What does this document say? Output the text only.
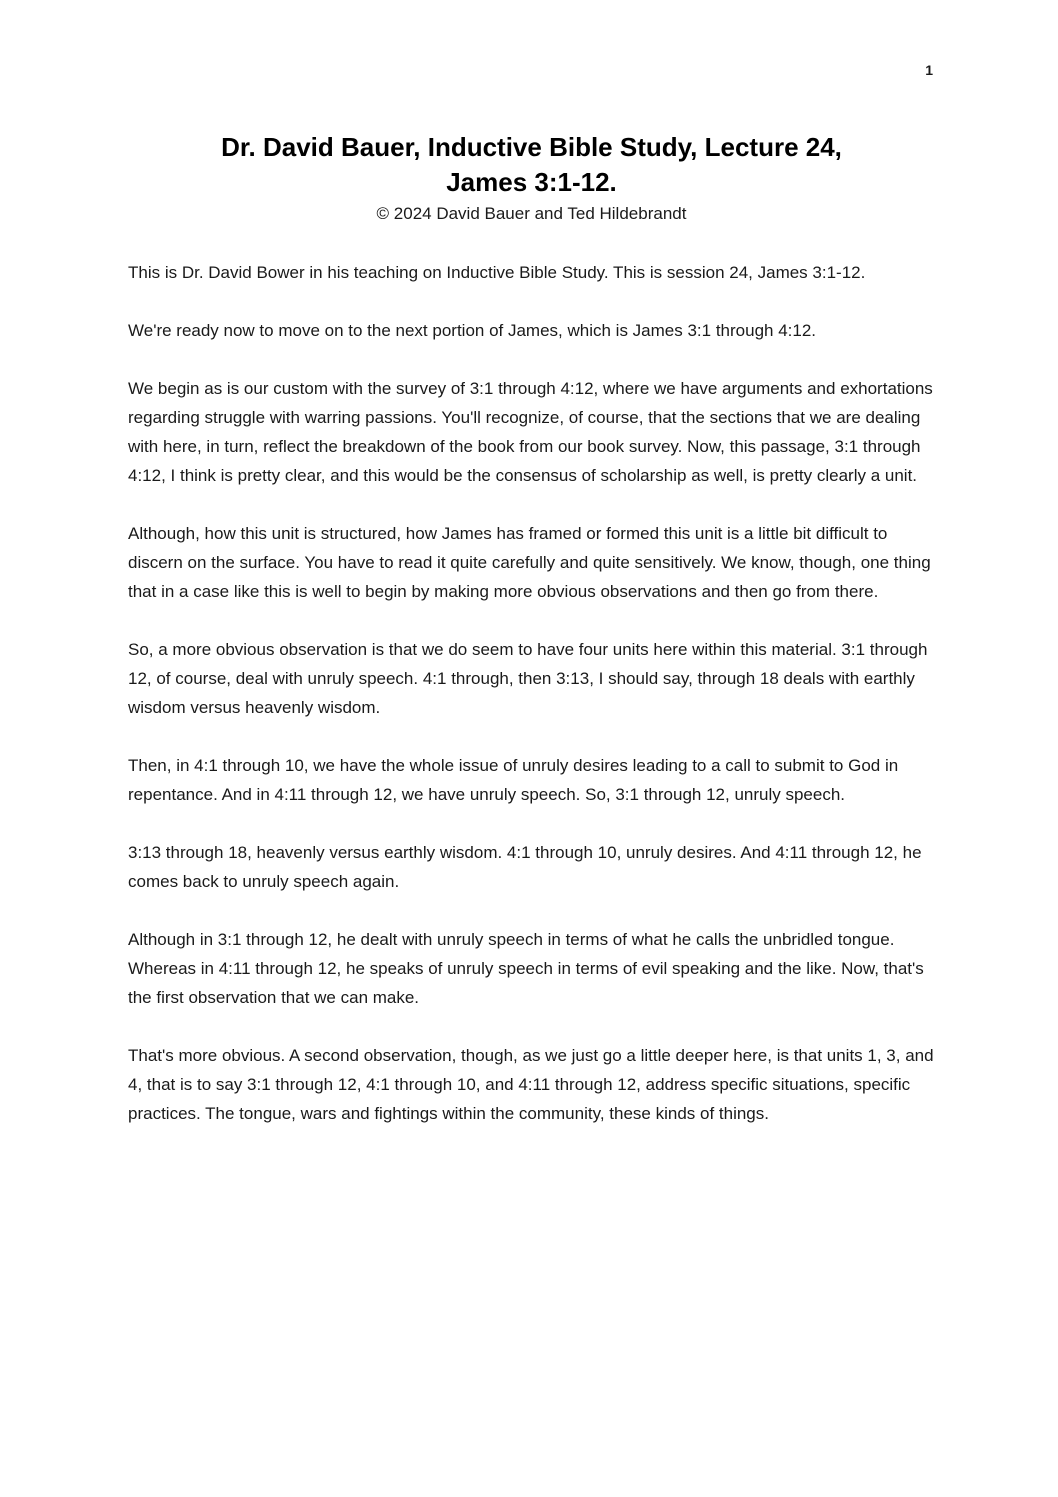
1
Dr. David Bauer, Inductive Bible Study, Lecture 24,
James 3:1-12.

© 2024 David Bauer and Ted Hildebrandt

This is Dr. David Bower in his teaching on Inductive Bible Study. This is session 24, James 3:1-12.

We're ready now to move on to the next portion of James, which is James 3:1 through 4:12.

We begin as is our custom with the survey of 3:1 through 4:12, where we have arguments and exhortations regarding struggle with warring passions. You'll recognize, of course, that the sections that we are dealing with here, in turn, reflect the breakdown of the book from our book survey. Now, this passage, 3:1 through 4:12, I think is pretty clear, and this would be the consensus of scholarship as well, is pretty clearly a unit.

Although, how this unit is structured, how James has framed or formed this unit is a little bit difficult to discern on the surface. You have to read it quite carefully and quite sensitively. We know, though, one thing that in a case like this is well to begin by making more obvious observations and then go from there.

So, a more obvious observation is that we do seem to have four units here within this material. 3:1 through 12, of course, deal with unruly speech. 4:1 through, then 3:13, I should say, through 18 deals with earthly wisdom versus heavenly wisdom.

Then, in 4:1 through 10, we have the whole issue of unruly desires leading to a call to submit to God in repentance. And in 4:11 through 12, we have unruly speech. So, 3:1 through 12, unruly speech.

3:13 through 18, heavenly versus earthly wisdom. 4:1 through 10, unruly desires. And 4:11 through 12, he comes back to unruly speech again.

Although in 3:1 through 12, he dealt with unruly speech in terms of what he calls the unbridled tongue. Whereas in 4:11 through 12, he speaks of unruly speech in terms of evil speaking and the like. Now, that's the first observation that we can make.

That's more obvious. A second observation, though, as we just go a little deeper here, is that units 1, 3, and 4, that is to say 3:1 through 12, 4:1 through 10, and 4:11 through 12, address specific situations, specific practices. The tongue, wars and fightings within the community, these kinds of things.
